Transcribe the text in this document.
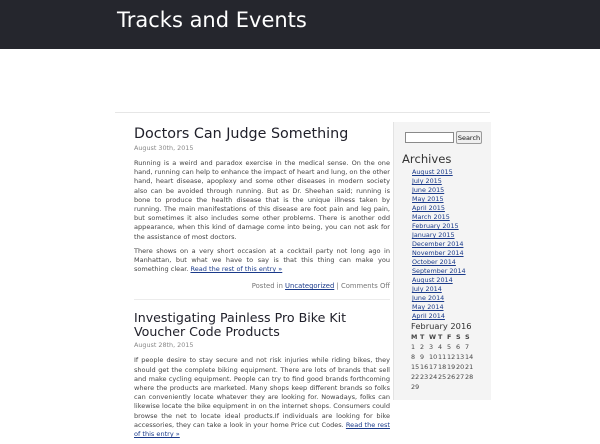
Tracks and Events
Doctors Can Judge Something
August 30th, 2015

Running is a weird and paradox exercise in the medical sense. On the one hand, running can help to enhance the impact of heart and lung, on the other hand, heart disease, apoplexy and some other diseases in modern society also can be avoided through running. But as Dr. Sheehan said; running is bone to produce the health disease that is the unique illness taken by running. The main manifestations of this disease are foot pain and leg pain, but sometimes it also includes some other problems. There is another odd appearance, when this kind of damage come into being, you can not ask for the assistance of most doctors.

There shows on a very short occasion at a cocktail party not long ago in Manhattan, but what we have to say is that this thing can make you something clear. Read the rest of this entry »

Posted in Uncategorized | Comments Off
Investigating Painless Pro Bike Kit Voucher Code Products
August 28th, 2015

If people desire to stay secure and not risk injuries while riding bikes, they should get the complete biking equipment. There are lots of brands that sell and make cycling equipment. People can try to find good brands forthcoming where the products are marketed. Many shops keep different brands so folks can conveniently locate whatever they are looking for. Nowadays, folks can likewise locate the bike equipment in on the internet shops. Consumers could browse the net to locate ideal products.If individuals are looking for bike accessories, they can take a look in your home Price cut Codes. Read the rest of this entry »

Search
Archives
August 2015
July 2015
June 2015
May 2015
April 2015
March 2015
February 2015
January 2015
December 2014
November 2014
October 2014
September 2014
August 2014
July 2014
June 2014
May 2014
April 2014
February 2016
M	T	W	T	F	S	S
1	2	3	4	5	6	7
8	9	10	11	12	13	14
15	16	17	18	19	20	21
22	23	24	25	26	27	28
29						
